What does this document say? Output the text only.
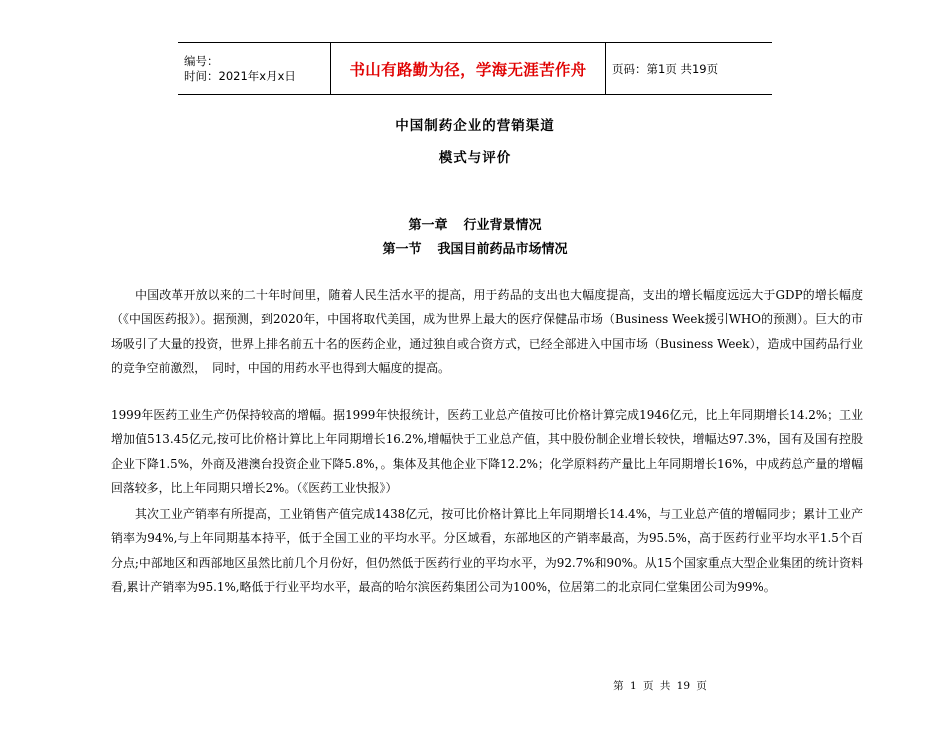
编号：
时间：2021年x月x日	书山有路勤为径，学海无涯苦作舟 页码：第1页 共19页
中国制药企业的营销渠道
模式与评价
第一章 行业背景情况
第一节 我国目前药品市场情况

　　中国改革开放以来的二十年时间里，随着人民生活水平的提高，用于药品的支出也大幅度提高，支出的增长幅度远远大于GDP的增长幅度（《中国医药报》）。据预测，到2020年，中国将取代美国，成为世界上最大的医疗保健品市场（Business Week援引WHO的预测）。巨大的市场吸引了大量的投资，世界上排名前五十名的医药企业，通过独自或合资方式，已经全部进入中国市场（Business Week），造成中国药品行业的竞争空前激烈，　同时，中国的用药水平也得到大幅度的提高。

1999年医药工业生产仍保持较高的增幅。据1999年快报统计，医药工业总产值按可比价格计算完成1946亿元，比上年同期增长14.2%；工业增加值513.45亿元,按可比价格计算比上年同期增长16.2%,增幅快于工业总产值，其中股份制企业增长较快，增幅达97.3%，国有及国有控股企业下降1.5%，外商及港澳台投资企业下降5.8%，。集体及其他企业下降12.2%；化学原料药产量比上年同期增长16%，中成药总产量的增幅回落较多，比上年同期只增长2%。（《医药工业快报》）

　　其次工业产销率有所提高，工业销售产值完成1438亿元，按可比价格计算比上年同期增长14.4%，与工业总产值的增幅同步；累计工业产销率为94%,与上年同期基本持平，低于全国工业的平均水平。分区域看，东部地区的产销率最高，为95.5%，高于医药行业平均水平1.5个百分点;中部地区和西部地区虽然比前几个月份好，但仍然低于医药行业的平均水平，为92.7%和90%。从15个国家重点大型企业集团的统计资料看,累计产销率为95.1%,略低于行业平均水平，最高的哈尔滨医药集团公司为100%，位居第二的北京同仁堂集团公司为99%。

第 1 页 共 19 页
